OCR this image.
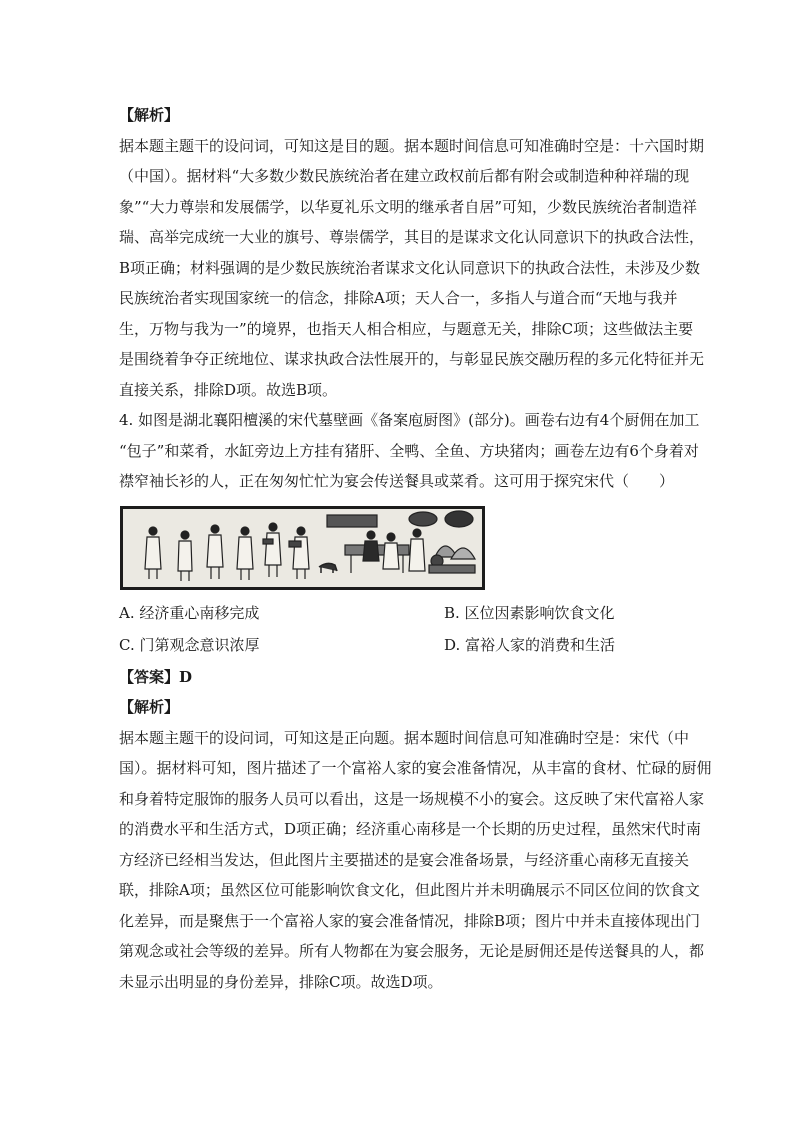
【解析】
据本题主题干的设问词，可知这是目的题。据本题时间信息可知准确时空是：十六国时期
（中国）。据材料“大多数少数民族统治者在建立政权前后都有附会或制造种种祥瑞的现
象”“大力尊崇和发展儒学，以华夏礼乐文明的继承者自居”可知，少数民族统治者制造祥
瑞、高举完成统一大业的旗号、尊崇儒学，其目的是谋求文化认同意识下的执政合法性，
B项正确；材料强调的是少数民族统治者谋求文化认同意识下的执政合法性，未涉及少数
民族统治者实现国家统一的信念，排除A项；天人合一，多指人与道合而“天地与我并
生，万物与我为一”的境界，也指天人相合相应，与题意无关，排除C项；这些做法主要
是围绕着争夺正统地位、谋求执政合法性展开的，与彰显民族交融历程的多元化特征并无
直接关系，排除D项。故选B项。
4. 如图是湖北襄阳檀溪的宋代墓壁画《备案庖厨图》(部分)。画卷右边有4个厨佣在加工
“包子”和菜肴，水缸旁边上方挂有猪肝、全鸭、全鱼、方块猪肉；画卷左边有6个身着对
襟窄袖长衫的人，正在匆匆忙忙为宴会传送餐具或菜肴。这可用于探究宋代（　　）
A. 经济重心南移完成	B. 区位因素影响饮食文化
C. 门第观念意识浓厚	D. 富裕人家的消费和生活
【答案】D
【解析】
据本题主题干的设问词，可知这是正向题。据本题时间信息可知准确时空是：宋代（中
国）。据材料可知，图片描述了一个富裕人家的宴会准备情况，从丰富的食材、忙碌的厨佣
和身着特定服饰的服务人员可以看出，这是一场规模不小的宴会。这反映了宋代富裕人家
的消费水平和生活方式，D项正确；经济重心南移是一个长期的历史过程，虽然宋代时南
方经济已经相当发达，但此图片主要描述的是宴会准备场景，与经济重心南移无直接关
联，排除A项；虽然区位可能影响饮食文化，但此图片并未明确展示不同区位间的饮食文
化差异，而是聚焦于一个富裕人家的宴会准备情况，排除B项；图片中并未直接体现出门
第观念或社会等级的差异。所有人物都在为宴会服务，无论是厨佣还是传送餐具的人，都
未显示出明显的身份差异，排除C项。故选D项。
